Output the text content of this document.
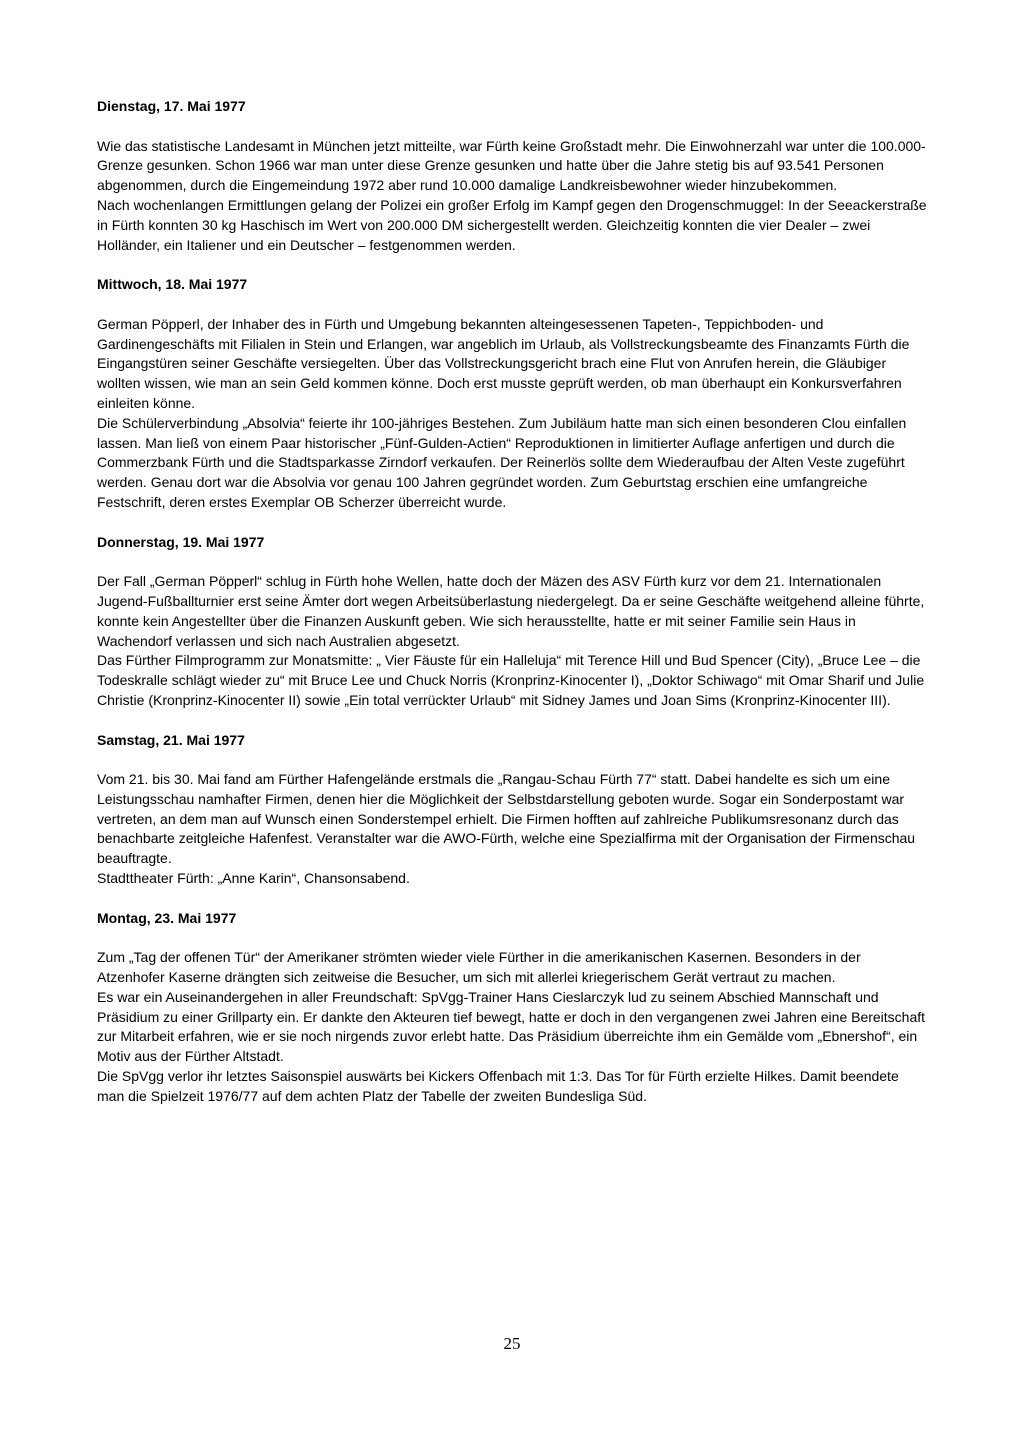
Dienstag, 17. Mai 1977

Wie das statistische Landesamt in München jetzt mitteilte, war Fürth keine Großstadt mehr. Die Einwohnerzahl war unter die 100.000-Grenze gesunken. Schon 1966 war man unter diese Grenze gesunken und hatte über die Jahre stetig bis auf 93.541 Personen abgenommen, durch die Eingemeindung 1972 aber rund 10.000 damalige Landkreisbewohner wieder hinzubekommen.

Nach wochenlangen Ermittlungen gelang der Polizei ein großer Erfolg im Kampf gegen den Drogenschmuggel: In der Seeackerstraße in Fürth konnten 30 kg Haschisch im Wert von 200.000 DM sichergestellt werden. Gleichzeitig konnten die vier Dealer – zwei Holländer, ein Italiener und ein Deutscher – festgenommen werden.

Mittwoch, 18. Mai 1977

German Pöpperl, der Inhaber des in Fürth und Umgebung bekannten alteingesessenen Tapeten-, Teppichboden- und Gardinengeschäfts mit Filialen in Stein und Erlangen, war angeblich im Urlaub, als Vollstreckungsbeamte des Finanzamts Fürth die Eingangstüren seiner Geschäfte versiegelten. Über das Vollstreckungsgericht brach eine Flut von Anrufen herein, die Gläubiger wollten wissen, wie man an sein Geld kommen könne. Doch erst musste geprüft werden, ob man überhaupt ein Konkursverfahren einleiten könne.

Die Schülerverbindung „Absolvia“ feierte ihr 100-jähriges Bestehen. Zum Jubiläum hatte man sich einen besonderen Clou einfallen lassen. Man ließ von einem Paar historischer „Fünf-Gulden-Actien“ Reproduktionen in limitierter Auflage anfertigen und durch die Commerzbank Fürth und die Stadtsparkasse Zirndorf verkaufen. Der Reinerlös sollte dem Wiederaufbau der Alten Veste zugeführt werden. Genau dort war die Absolvia vor genau 100 Jahren gegründet worden. Zum Geburtstag erschien eine umfangreiche Festschrift, deren erstes Exemplar OB Scherzer überreicht wurde.

Donnerstag, 19. Mai 1977

Der Fall „German Pöpperl“ schlug in Fürth hohe Wellen, hatte doch der Mäzen des ASV Fürth kurz vor dem 21. Internationalen Jugend-Fußballturnier erst seine Ämter dort wegen Arbeitsüberlastung niedergelegt. Da er seine Geschäfte weitgehend alleine führte, konnte kein Angestellter über die Finanzen Auskunft geben. Wie sich herausstellte, hatte er mit seiner Familie sein Haus in Wachendorf verlassen und sich nach Australien abgesetzt.

Das Fürther Filmprogramm zur Monatsmitte: „ Vier Fäuste für ein Halleluja“ mit Terence Hill und Bud Spencer (City), „Bruce Lee – die Todeskralle schlägt wieder zu“ mit Bruce Lee und Chuck Norris (Kronprinz-Kinocenter I), „Doktor Schiwago“ mit Omar Sharif und Julie Christie (Kronprinz-Kinocenter II) sowie „Ein total verrückter Urlaub“ mit Sidney James und Joan Sims (Kronprinz-Kinocenter III).

Samstag, 21. Mai 1977

Vom 21. bis 30. Mai fand am Fürther Hafengelände erstmals die „Rangau-Schau Fürth 77“ statt. Dabei handelte es sich um eine Leistungsschau namhafter Firmen, denen hier die Möglichkeit der Selbstdarstellung geboten wurde. Sogar ein Sonderpostamt war vertreten, an dem man auf Wunsch einen Sonderstempel erhielt. Die Firmen hofften auf zahlreiche Publikumsresonanz durch das benachbarte zeitgleiche Hafenfest. Veranstalter war die AWO-Fürth, welche eine Spezialfirma mit der Organisation der Firmenschau beauftragte.

Stadttheater Fürth: „Anne Karin“, Chansonsabend.

Montag, 23. Mai 1977

Zum „Tag der offenen Tür“ der Amerikaner strömten wieder viele Fürther in die amerikanischen Kasernen. Besonders in der Atzenhofer Kaserne drängten sich zeitweise die Besucher, um sich mit allerlei kriegerischem Gerät vertraut zu machen.

Es war ein Auseinandergehen in aller Freundschaft: SpVgg-Trainer Hans Cieslarczyk lud zu seinem Abschied Mannschaft und Präsidium zu einer Grillparty ein. Er dankte den Akteuren tief bewegt, hatte er doch in den vergangenen zwei Jahren eine Bereitschaft zur Mitarbeit erfahren, wie er sie noch nirgends zuvor erlebt hatte. Das Präsidium überreichte ihm ein Gemälde vom „Ebnershof“, ein Motiv aus der Fürther Altstadt.

Die SpVgg verlor ihr letztes Saisonspiel auswärts bei Kickers Offenbach mit 1:3. Das Tor für Fürth erzielte Hilkes. Damit beendete man die Spielzeit 1976/77 auf dem achten Platz der Tabelle der zweiten Bundesliga Süd.

25
